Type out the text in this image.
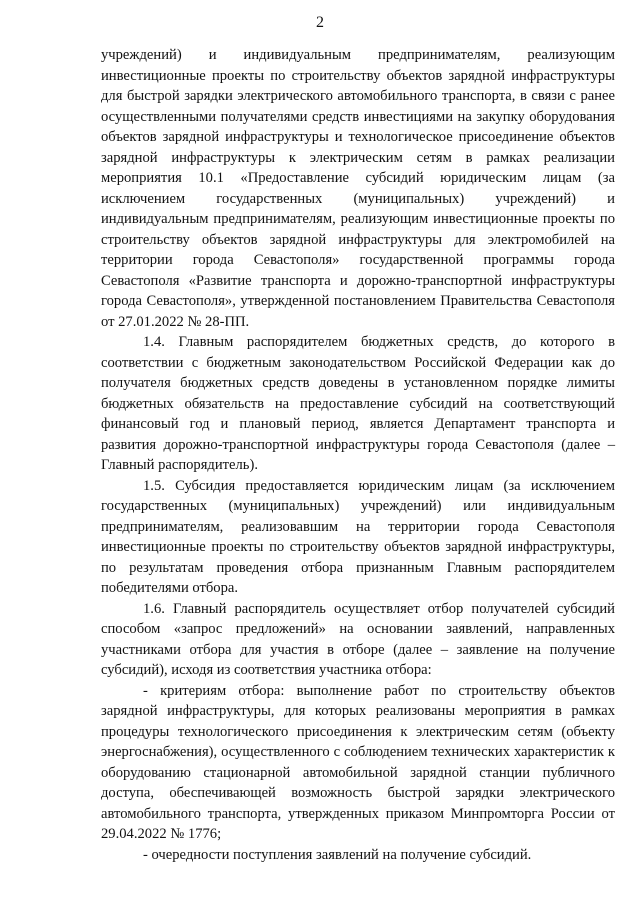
2

учреждений) и индивидуальным предпринимателям, реализующим инвестиционные проекты по строительству объектов зарядной инфраструктуры для быстрой зарядки электрического автомобильного транспорта, в связи с ранее осуществленными получателями средств инвестициями на закупку оборудования объектов зарядной инфраструктуры и технологическое присоединение объектов зарядной инфраструктуры к электрическим сетям в рамках реализации мероприятия 10.1 «Предоставление субсидий юридическим лицам (за исключением государственных (муниципальных) учреждений) и индивидуальным предпринимателям, реализующим инвестиционные проекты по строительству объектов зарядной инфраструктуры для электромобилей на территории города Севастополя» государственной программы города Севастополя «Развитие транспорта и дорожно-транспортной инфраструктуры города Севастополя», утвержденной постановлением Правительства Севастополя от 27.01.2022 № 28-ПП.

1.4. Главным распорядителем бюджетных средств, до которого в соответствии с бюджетным законодательством Российской Федерации как до получателя бюджетных средств доведены в установленном порядке лимиты бюджетных обязательств на предоставление субсидий на соответствующий финансовый год и плановый период, является Департамент транспорта и развития дорожно-транспортной инфраструктуры города Севастополя (далее – Главный распорядитель).

1.5. Субсидия предоставляется юридическим лицам (за исключением государственных (муниципальных) учреждений) или индивидуальным предпринимателям, реализовавшим на территории города Севастополя инвестиционные проекты по строительству объектов зарядной инфраструктуры, по результатам проведения отбора признанным Главным распорядителем победителями отбора.

1.6. Главный распорядитель осуществляет отбор получателей субсидий способом «запрос предложений» на основании заявлений, направленных участниками отбора для участия в отборе (далее – заявление на получение субсидий), исходя из соответствия участника отбора:

- критериям отбора: выполнение работ по строительству объектов зарядной инфраструктуры, для которых реализованы мероприятия в рамках процедуры технологического присоединения к электрическим сетям (объекту энергоснабжения), осуществленного с соблюдением технических характеристик к оборудованию стационарной автомобильной зарядной станции публичного доступа, обеспечивающей возможность быстрой зарядки электрического автомобильного транспорта, утвержденных приказом Минпромторга России от 29.04.2022 № 1776;

- очередности поступления заявлений на получение субсидий.
